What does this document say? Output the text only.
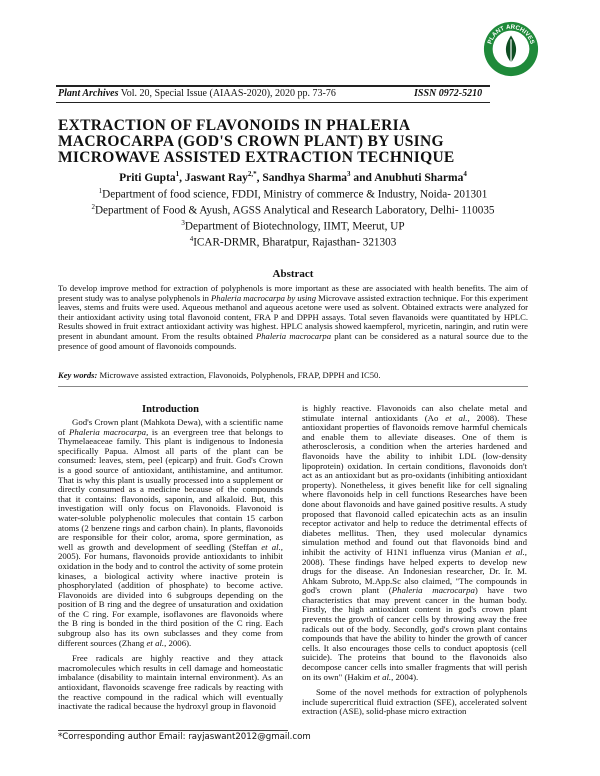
PLANT ARCHIVES
Plant Archives Vol. 20, Special Issue (AIAAS-2020), 2020 pp. 73-76	ISSN 0972-5210
EXTRACTION OF FLAVONOIDS IN PHALERIA MACROCARPA (GOD'S CROWN PLANT) BY USING MICROWAVE ASSISTED EXTRACTION TECHNIQUE
Priti Gupta$^1$, Jaswant Ray$^{2,*}$, Sandhya Sharma$^3$ and Anubhuti Sharma$^4$
$^1$Department of food science, FDDI, Ministry of commerce & Industry, Noida- 201301
$^2$Department of Food & Ayush, AGSS Analytical and Research Laboratory, Delhi- 110035
$^3$Department of Biotechnology, IIMT, Meerut, UP
$^4$ICAR-DRMR, Bharatpur, Rajasthan- 321303
Abstract
To develop improve method for extraction of polyphenols is more important as these are associated with health benefits. The aim of present study was to analyse polyphenols in Phaleria macrocarpa by using Microvave assisted extraction technique. For this experiment leaves, stems and fruits were used. Aqueous methanol and aqueous acetone were used as solvent. Obtained extracts were analyzed for their antioxidant activity using total flavonoid content, FRA P and DPPH assays. Total seven flavanoids were quantitated by HPLC. Results showed in fruit extract antioxidant activity was highest. HPLC analysis showed kaempferol, myricetin, naringin, and rutin were present in abundant amount. From the results obtained Phaleria macrocarpa plant can be considered as a natural source due to the presence of good amount of flavonoids compounds.
Key words: Microwave assisted extraction, Flavonoids, Polyphenols, FRAP, DPPH and IC50.
Introduction

God's Crown plant (Mahkota Dewa), with a scientific name of Phaleria macrocarpa, is an evergreen tree that belongs to Thymelaeaceae family. This plant is indigenous to Indonesia specifically Papua. Almost all parts of the plant can be consumed: leaves, stem, peel (epicarp) and fruit. God's Crown is a good source of antioxidant, antihistamine, and antitumor. That is why this plant is usually processed into a supplement or directly consumed as a medicine because of the compounds that it contains: flavonoids, saponin, and alkaloid. But, this investigation will only focus on Flavonoids. Flavonoid is water-soluble polyphenolic molecules that contain 15 carbon atoms (2 benzene rings and carbon chain). In plants, flavonoids are responsible for their color, aroma, spore germination, as well as growth and development of seedling (Steffan et al., 2005). For humans, flavonoids provide antioxidants to inhibit oxidation in the body and to control the activity of some protein kinases, a biological activity where inactive protein is phosphorylated (addition of phosphate) to become active. Flavonoids are divided into 6 subgroups depending on the position of B ring and the degree of unsaturation and oxidation of the C ring. For example, isoflavones are flavonoids where the B ring is bonded in the third position of the C ring. Each subgroup also has its own subclasses and they come from different sources (Zhang et al., 2006).

Free radicals are highly reactive and they attack macromolecules which results in cell damage and homeostatic imbalance (disability to maintain internal environment). As an antioxidant, flavonoids scavenge free radicals by reacting with the reactive compound in the radical which will eventually inactivate the radical because the hydroxyl group in flavonoid

is highly reactive. Flavonoids can also chelate metal and stimulate internal antioxidants (Ao et al., 2008). These antioxidant properties of flavonoids remove harmful chemicals and enable them to alleviate diseases. One of them is atherosclerosis, a condition when the arteries hardened and flavonoids have the ability to inhibit LDL (low-density lipoprotein) oxidation. In certain conditions, flavonoids don't act as an antioxidant but as pro-oxidants (inhibiting antioxidant property). Nonetheless, it gives benefit like for cell signaling where flavonoids help in cell functions Researches have been done about flavonoids and have gained positive results. A study proposed that flavonoid called epicatechin acts as an insulin receptor activator and help to reduce the detrimental effects of diabetes mellitus. Then, they used molecular dynamics simulation method and found out that flavonoids bind and inhibit the activity of H1N1 influenza virus (Manian et al., 2008). These findings have helped experts to develop new drugs for the disease. An Indonesian researcher, Dr. Ir. M. Ahkam Subroto, M.App.Sc also claimed, "The compounds in god's crown plant (Phaleria macrocarpa) have two characteristics that may prevent cancer in the human body. Firstly, the high antioxidant content in god's crown plant prevents the growth of cancer cells by throwing away the free radicals out of the body. Secondly, god's crown plant contains compounds that have the ability to hinder the growth of cancer cells. It also encourages those cells to conduct apoptosis (cell suicide). The proteins that bound to the flavonoids also decompose cancer cells into smaller fragments that will perish on its own" (Hakim et al., 2004).

Some of the novel methods for extraction of polyphenols include supercritical fluid extraction (SFE), accelerated solvent extraction (ASE), solid-phase micro extraction

*Corresponding author Email: rayjaswant2012@gmail.com
